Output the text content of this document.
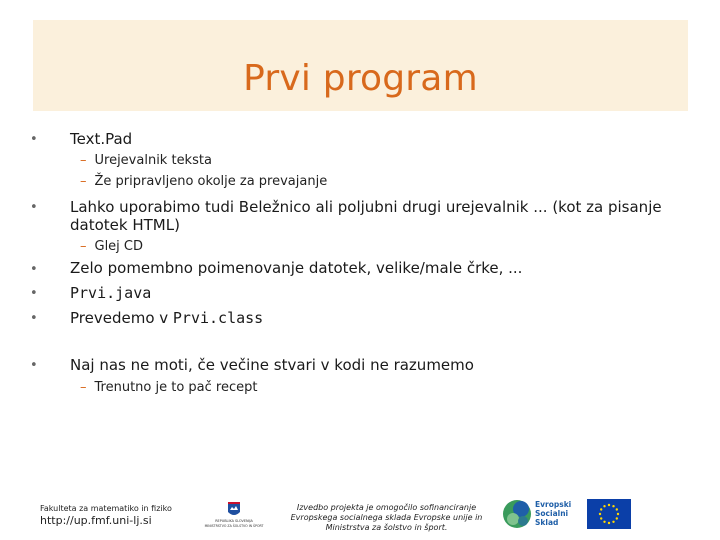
Prvi program
• Text.Pad
– Urejevalnik teksta
– Že pripravljeno okolje za prevajanje
• Lahko uporabimo tudi Beležnico ali poljubni drugi urejevalnik ... (kot za pisanje
datotek HTML)
– Glej CD
• Zelo pomembno poimenovanje datotek, velike/male črke, ...
• Prvi.java
• Prevedemo v Prvi.class
• Naj nas ne moti, če večine stvari v kodi ne razumemo
– Trenutno je to pač recept
Fakulteta za matematiko in fiziko
http://up.fmf.uni-lj.si	REPUBLIKA SLOVENIJA
MINISTRSTVO ZA ŠOLSTVO IN ŠPORT
Izvedbo projekta je omogočilo sofinanciranje
Evropskega socialnega sklada Evropske unije in
Ministrstva za šolstvo in šport.
Evropski
Socialni
Sklad
